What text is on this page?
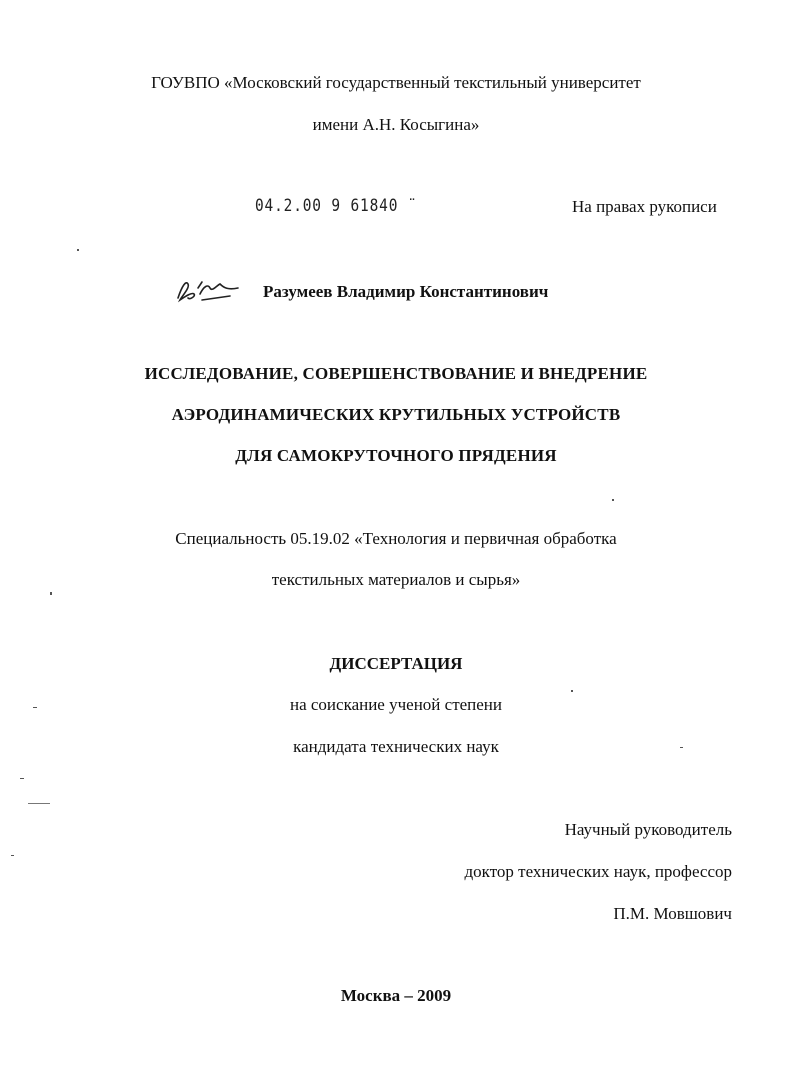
ГОУВПО «Московский государственный текстильный университет
имени А.Н. Косыгина»
04.2.00 9 61840 ¨	На правах рукописи
Разумеев Владимир Константинович
ИССЛЕДОВАНИЕ, СОВЕРШЕНСТВОВАНИЕ И ВНЕДРЕНИЕ
АЭРОДИНАМИЧЕСКИХ КРУТИЛЬНЫХ УСТРОЙСТВ
ДЛЯ САМОКРУТОЧНОГО ПРЯДЕНИЯ
Специальность 05.19.02 «Технология и первичная обработка
текстильных материалов и сырья»
ДИССЕРТАЦИЯ
на соискание ученой степени
кандидата технических наук
Научный руководитель
доктор технических наук, профессор
П.М. Мовшович
Москва – 2009
